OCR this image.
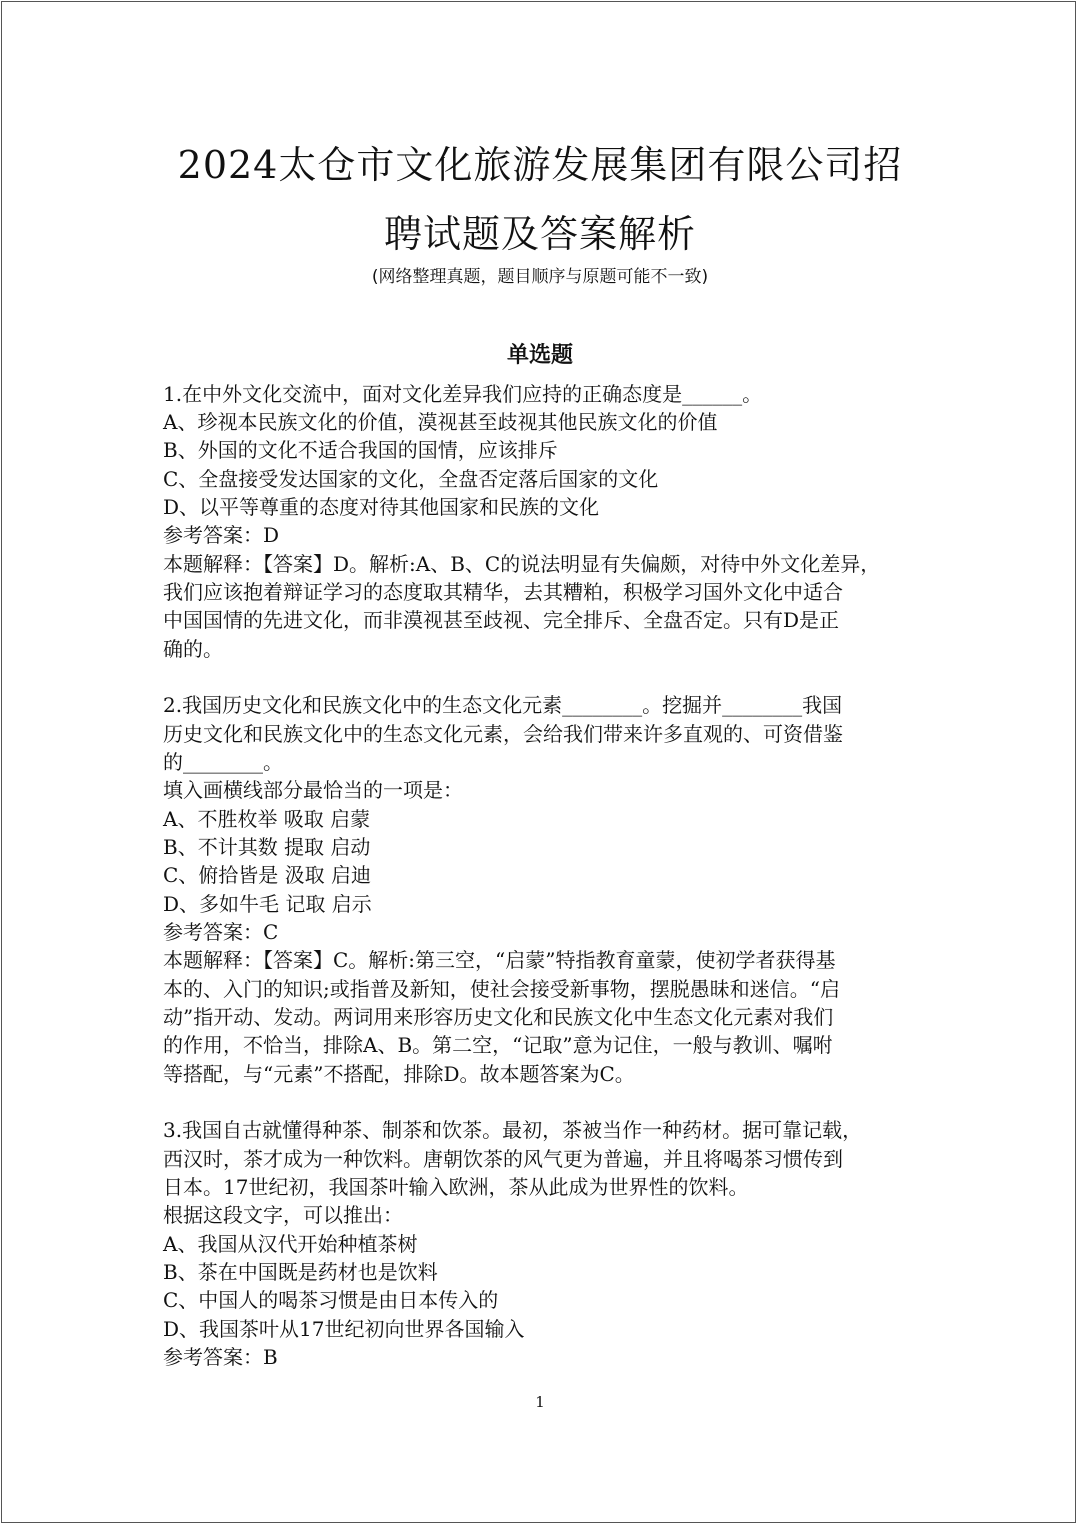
2024太仓市文化旅游发展集团有限公司招
聘试题及答案解析
(网络整理真题，题目顺序与原题可能不一致)
单选题
1.在中外文化交流中，面对文化差异我们应持的正确态度是______。
A、珍视本民族文化的价值，漠视甚至歧视其他民族文化的价值
B、外国的文化不适合我国的国情，应该排斥
C、全盘接受发达国家的文化，全盘否定落后国家的文化
D、以平等尊重的态度对待其他国家和民族的文化
参考答案：D
本题解释：【答案】D。解析:A、B、C的说法明显有失偏颇，对待中外文化差异，
我们应该抱着辩证学习的态度取其精华，去其糟粕，积极学习国外文化中适合
中国国情的先进文化，而非漠视甚至歧视、完全排斥、全盘否定。只有D是正
确的。
2.我国历史文化和民族文化中的生态文化元素________。挖掘并________我国
历史文化和民族文化中的生态文化元素，会给我们带来许多直观的、可资借鉴
的________。
填入画横线部分最恰当的一项是：
A、不胜枚举 吸取 启蒙
B、不计其数 提取 启动
C、俯拾皆是 汲取 启迪
D、多如牛毛 记取 启示
参考答案：C
本题解释：【答案】C。解析:第三空，“启蒙”特指教育童蒙，使初学者获得基
本的、入门的知识;或指普及新知，使社会接受新事物，摆脱愚昧和迷信。“启
动”指开动、发动。两词用来形容历史文化和民族文化中生态文化元素对我们
的作用，不恰当，排除A、B。第二空，“记取”意为记住，一般与教训、嘱咐
等搭配，与“元素”不搭配，排除D。故本题答案为C。
3.我国自古就懂得种茶、制茶和饮茶。最初，茶被当作一种药材。据可靠记载，
西汉时，茶才成为一种饮料。唐朝饮茶的风气更为普遍，并且将喝茶习惯传到
日本。17世纪初，我国茶叶输入欧洲，茶从此成为世界性的饮料。
根据这段文字，可以推出：
A、我国从汉代开始种植茶树
B、茶在中国既是药材也是饮料
C、中国人的喝茶习惯是由日本传入的
D、我国茶叶从17世纪初向世界各国输入
参考答案：B
1
